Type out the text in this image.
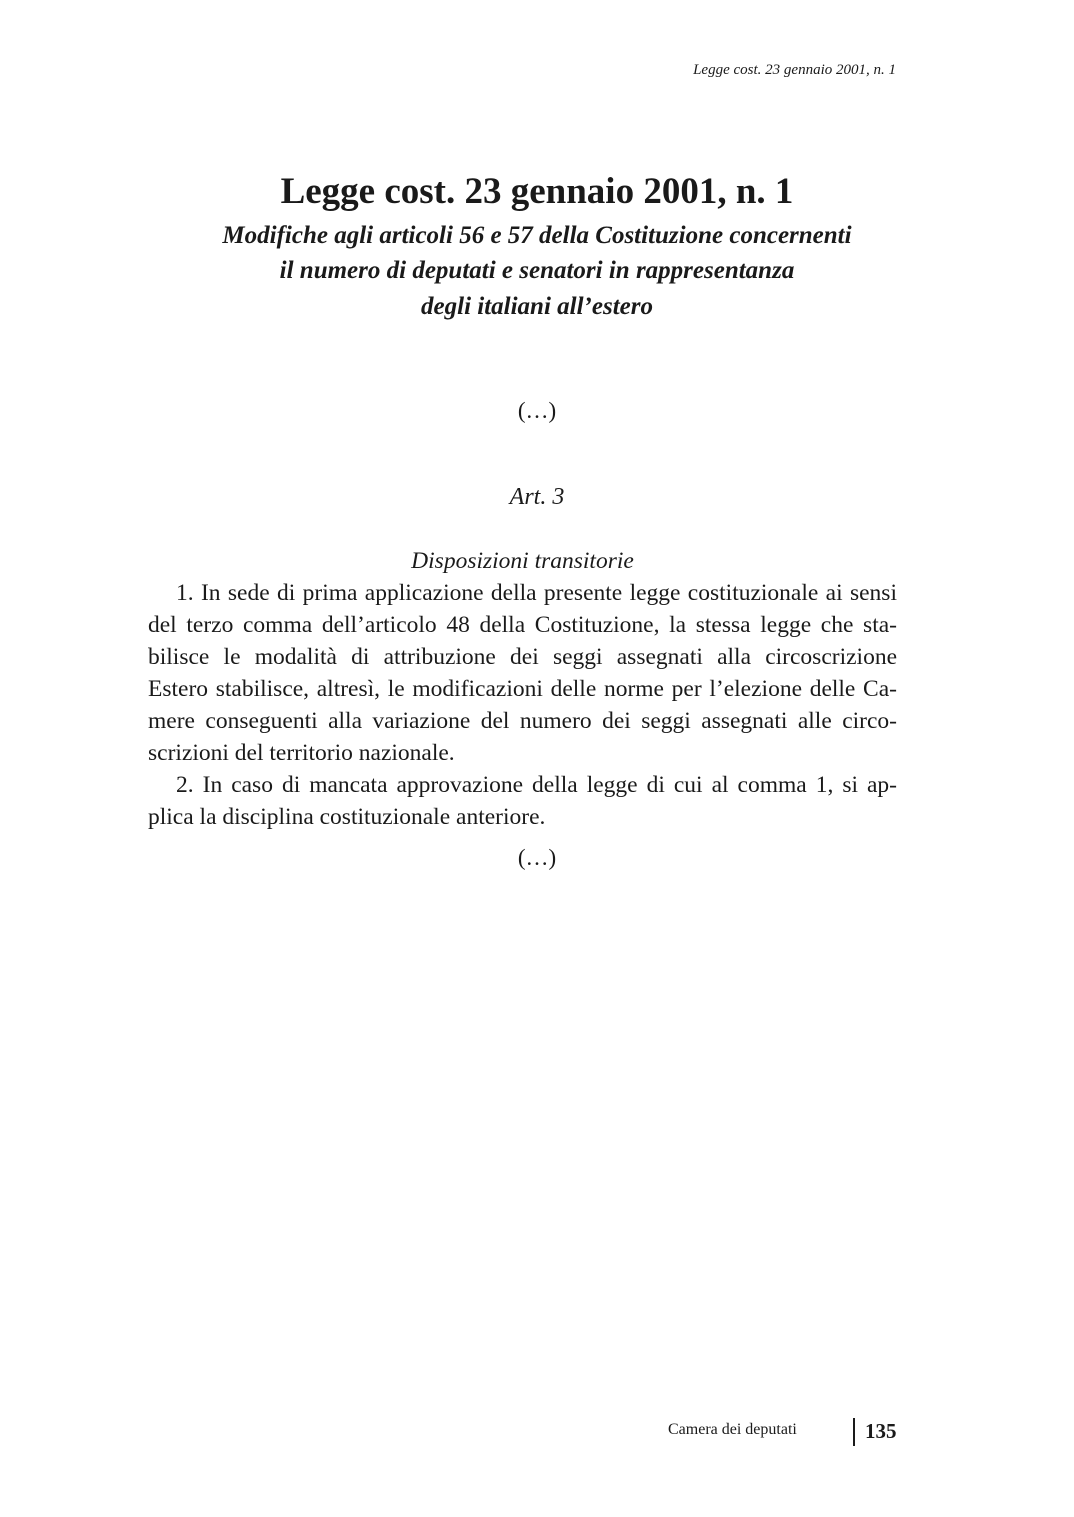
Legge cost. 23 gennaio 2001, n. 1
Legge cost. 23 gennaio 2001, n. 1
Modifiche agli articoli 56 e 57 della Costituzione concernenti
il numero di deputati e senatori in rappresentanza
degli italiani all’estero
(…)
Art. 3
Disposizioni transitorie
1. In sede di prima applicazione della presente legge costituzionale ai sensi
del terzo comma dell’articolo 48 della Costituzione, la stessa legge che sta-
bilisce le modalità di attribuzione dei seggi assegnati alla circoscrizione
Estero stabilisce, altresì, le modificazioni delle norme per l’elezione delle Ca-
mere conseguenti alla variazione del numero dei seggi assegnati alle circo-
scrizioni del territorio nazionale.
2. In caso di mancata approvazione della legge di cui al comma 1, si ap-
plica la disciplina costituzionale anteriore.
(…)
Camera dei deputati	135
